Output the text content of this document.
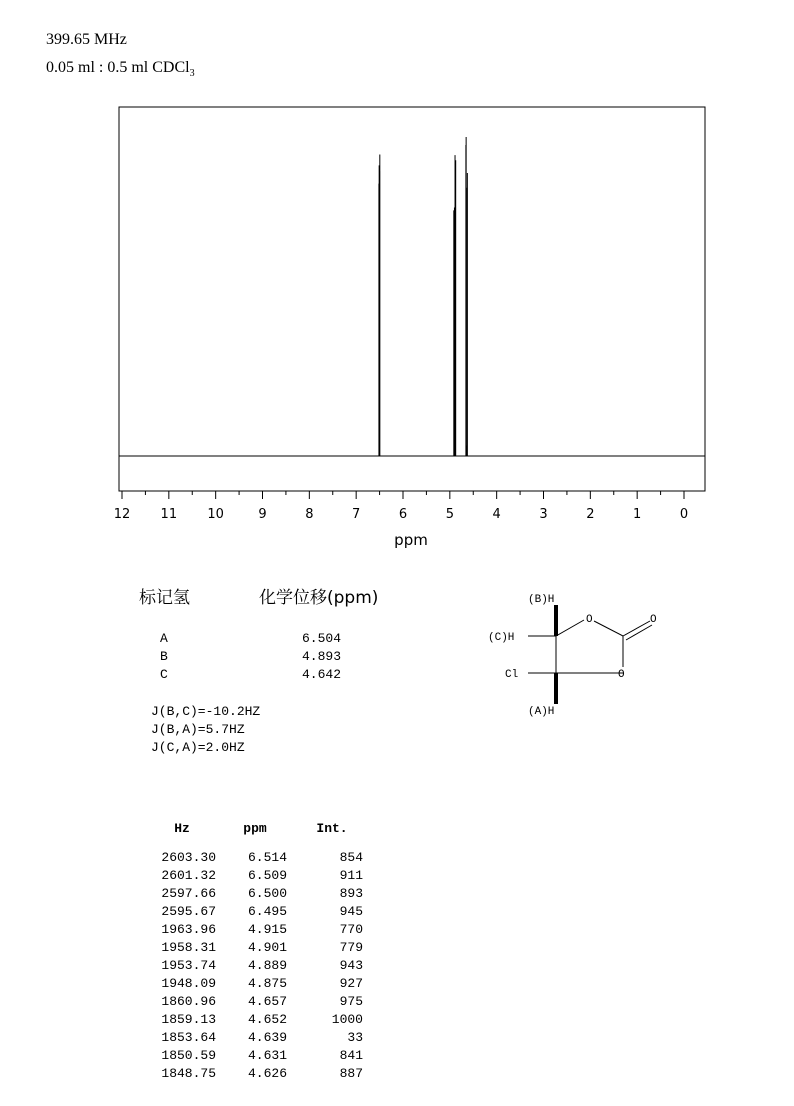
399.65 MHz
0.05 ml : 0.5 ml CDCl$_3$
12 11 10	9	8	7	6	5	4	3	2	1	0
ppm
标记氢	化学位移(ppm)
A	6.504
B	4.893
C	4.642
J(B,C)=-10.2HZ
J(B,A)=5.7HZ
J(C,A)=2.0HZ

Hz	ppm	Int.
2603.30	6.514	854
2601.32	6.509	911
2597.66	6.500	893
2595.67	6.495	945
1963.96	4.915	770
1958.31	4.901	779
1953.74	4.889	943
1948.09	4.875	927
1860.96	4.657	975
1859.13	4.652	1000
1853.64	4.639	33
1850.59	4.631	841
1848.75	4.626	887

(B)H
(C)H
Cl
(A)H
O	O
O
